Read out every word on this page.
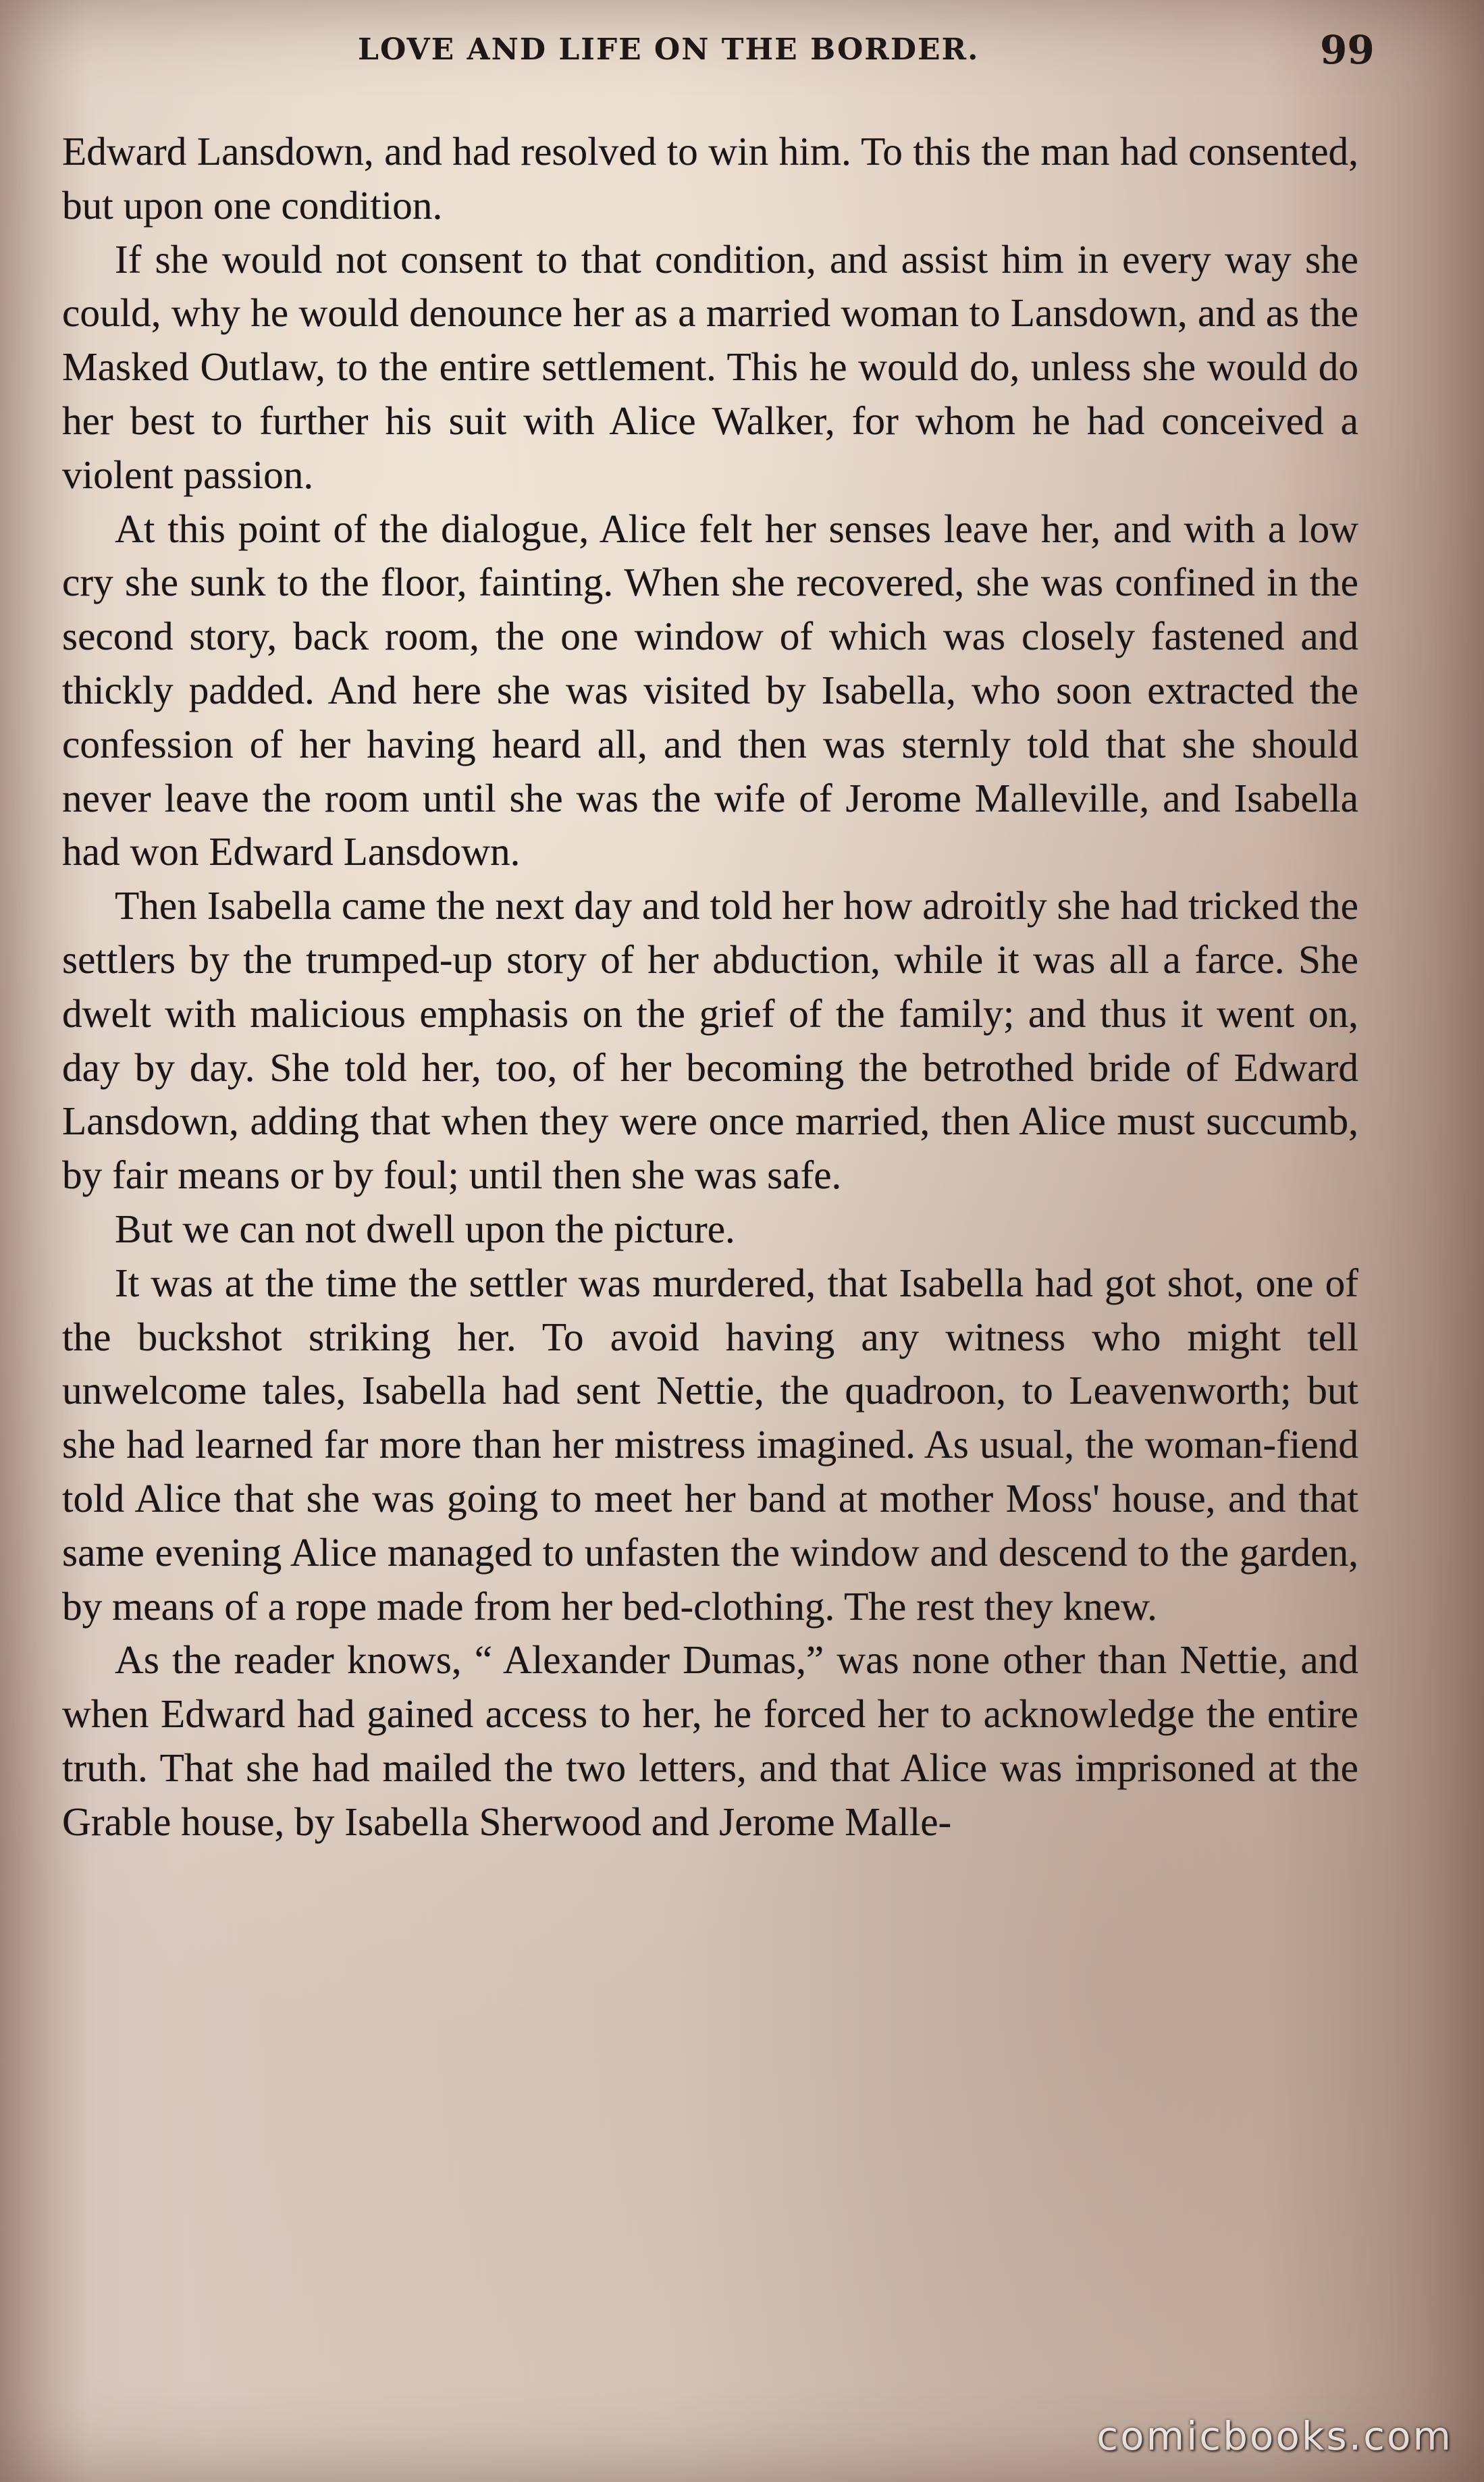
LOVE AND LIFE ON THE BORDER.	99

Edward Lansdown, and had resolved to win him. To this the man had consented, but upon one condition.

If she would not consent to that condition, and assist him in every way she could, why he would denounce her as a married woman to Lansdown, and as the Masked Outlaw, to the entire settlement. This he would do, unless she would do her best to further his suit with Alice Walker, for whom he had conceived a violent passion.

At this point of the dialogue, Alice felt her senses leave her, and with a low cry she sunk to the floor, fainting. When she recovered, she was confined in the second story, back room, the one window of which was closely fastened and thickly padded. And here she was visited by Isabella, who soon extracted the confession of her having heard all, and then was sternly told that she should never leave the room until she was the wife of Jerome Malleville, and Isabella had won Edward Lansdown.

Then Isabella came the next day and told her how adroitly she had tricked the settlers by the trumped-up story of her abduction, while it was all a farce. She dwelt with malicious emphasis on the grief of the family; and thus it went on, day by day. She told her, too, of her becoming the betrothed bride of Edward Lansdown, adding that when they were once married, then Alice must succumb, by fair means or by foul; until then she was safe.

But we can not dwell upon the picture.

It was at the time the settler was murdered, that Isabella had got shot, one of the buckshot striking her. To avoid having any witness who might tell unwelcome tales, Isabella had sent Nettie, the quadroon, to Leavenworth; but she had learned far more than her mistress imagined. As usual, the woman-fiend told Alice that she was going to meet her band at mother Moss' house, and that same evening Alice managed to unfasten the window and descend to the garden, by means of a rope made from her bed-clothing. The rest they knew.

As the reader knows, “ Alexander Dumas,” was none other than Nettie, and when Edward had gained access to her, he forced her to acknowledge the entire truth. That she had mailed the two letters, and that Alice was imprisoned at the Grable house, by Isabella Sherwood and Jerome Malle-

comicbooks.com
